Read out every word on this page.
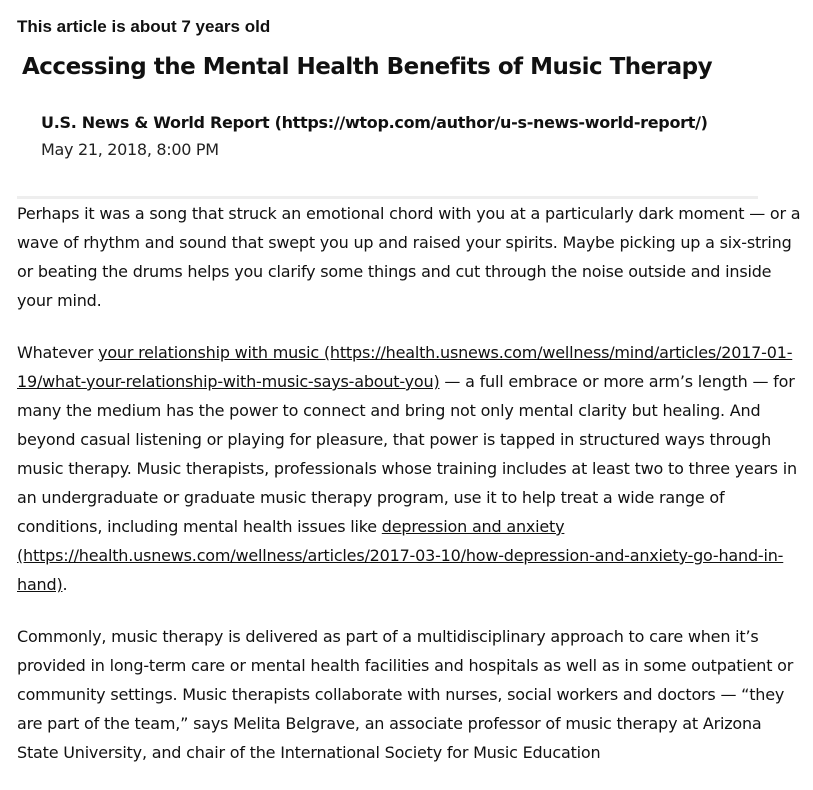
This article is about 7 years old
Accessing the Mental Health Benefits of Music Therapy
U.S. News & World Report (https://wtop.com/author/u-s-news-world-report/)
May 21, 2018, 8:00 PM

Perhaps it was a song that struck an emotional chord with you at a particularly dark moment — or a wave of rhythm and sound that swept you up and raised your spirits. Maybe picking up a six-string or beating the drums helps you clarify some things and cut through the noise outside and inside your mind.

Whatever your relationship with music (https://health.usnews.com/wellness/mind/articles/2017-01-19/what-your-relationship-with-music-says-about-you) — a full embrace or more arm’s length — for many the medium has the power to connect and bring not only mental clarity but healing. And beyond casual listening or playing for pleasure, that power is tapped in structured ways through music therapy. Music therapists, professionals whose training includes at least two to three years in an undergraduate or graduate music therapy program, use it to help treat a wide range of conditions, including mental health issues like depression and anxiety (https://health.usnews.com/wellness/articles/2017-03-10/how-depression-and-anxiety-go-hand-in-hand).

Commonly, music therapy is delivered as part of a multidisciplinary approach to care when it’s provided in long-term care or mental health facilities and hospitals as well as in some outpatient or community settings. Music therapists collaborate with nurses, social workers and doctors — “they are part of the team,” says Melita Belgrave, an associate professor of music therapy at Arizona State University, and chair of the International Society for Music Education
